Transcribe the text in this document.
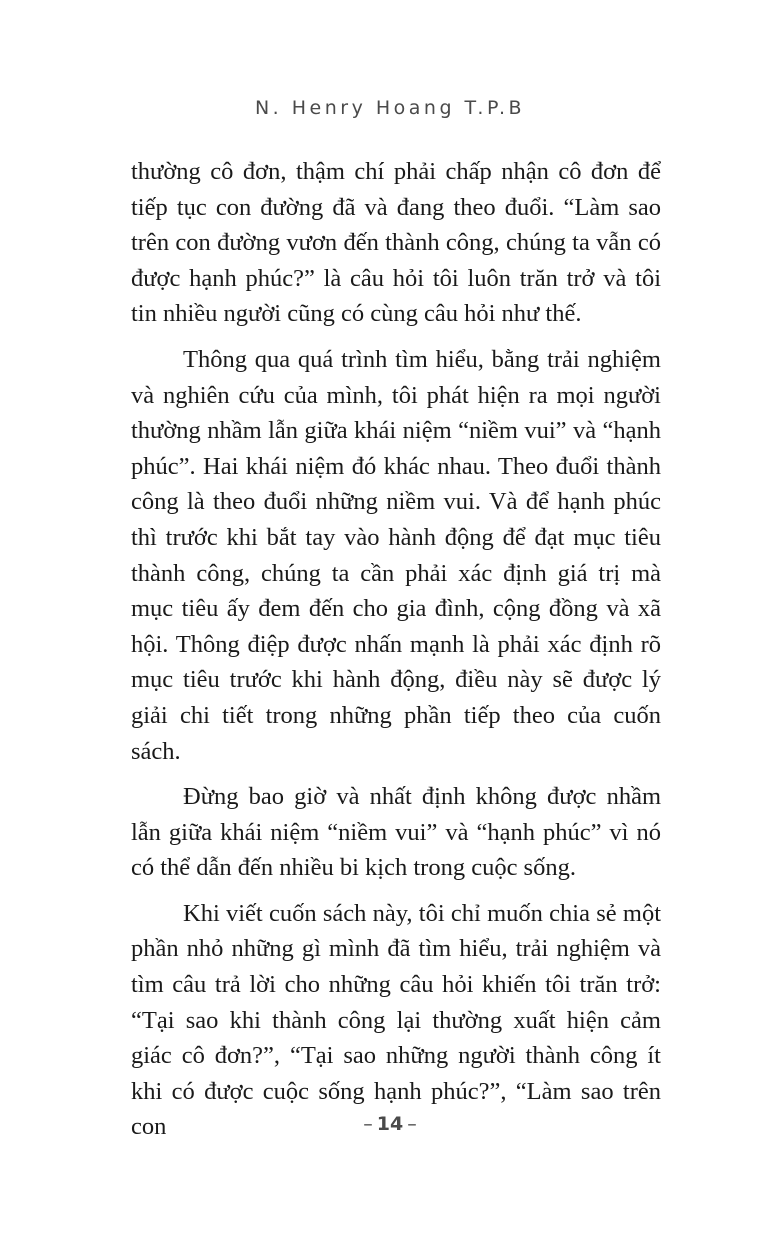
N. Henry Hoang T.P.B

thường cô đơn, thậm chí phải chấp nhận cô đơn để tiếp tục con đường đã và đang theo đuổi. “Làm sao trên con đường vươn đến thành công, chúng ta vẫn có được hạnh phúc?” là câu hỏi tôi luôn trăn trở và tôi tin nhiều người cũng có cùng câu hỏi như thế.

Thông qua quá trình tìm hiểu, bằng trải nghiệm và nghiên cứu của mình, tôi phát hiện ra mọi người thường nhầm lẫn giữa khái niệm “niềm vui” và “hạnh phúc”. Hai khái niệm đó khác nhau. Theo đuổi thành công là theo đuổi những niềm vui. Và để hạnh phúc thì trước khi bắt tay vào hành động để đạt mục tiêu thành công, chúng ta cần phải xác định giá trị mà mục tiêu ấy đem đến cho gia đình, cộng đồng và xã hội. Thông điệp được nhấn mạnh là phải xác định rõ mục tiêu trước khi hành động, điều này sẽ được lý giải chi tiết trong những phần tiếp theo của cuốn sách.

Đừng bao giờ và nhất định không được nhầm lẫn giữa khái niệm “niềm vui” và “hạnh phúc” vì nó có thể dẫn đến nhiều bi kịch trong cuộc sống.

Khi viết cuốn sách này, tôi chỉ muốn chia sẻ một phần nhỏ những gì mình đã tìm hiểu, trải nghiệm và tìm câu trả lời cho những câu hỏi khiến tôi trăn trở: “Tại sao khi thành công lại thường xuất hiện cảm giác cô đơn?”, “Tại sao những người thành công ít khi có được cuộc sống hạnh phúc?”, “Làm sao trên con	– 14 –
